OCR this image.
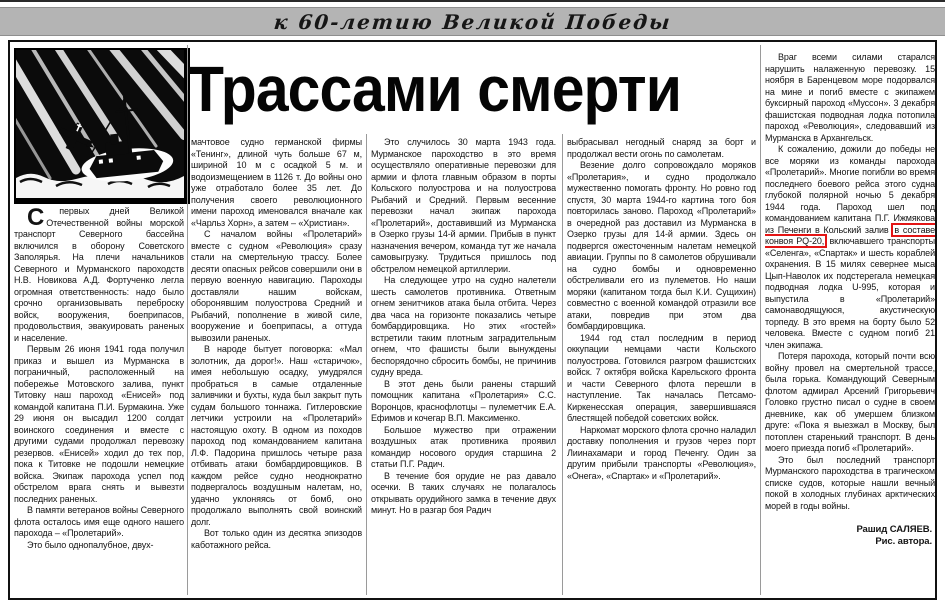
к 60-летию Великой Победы
Трассами смерти

С первых дней Великой Отечественной войны морской транспорт Северного бассейна включился в оборону Советского Заполярья. На плечи начальников Северного и Мурманского пароходств Н.В. Новикова А.Д. Фортученко легла огромная ответственность: надо было срочно организовывать переброску войск, вооружения, боеприпасов, продовольствия, эвакуировать раненых и население.

Первым 26 июня 1941 года получил приказ и вышел из Мурманска в пограничный, расположенный на побережье Мотовского залива, пункт Титовку наш пароход «Енисей» под командой капитана П.И. Бурмакина. Уже 29 июня он высадил 1200 солдат воинского соединения и вместе с другими судами продолжал перевозку резервов. «Енисей» ходил до тех пор, пока к Титовке не подошли немецкие войска. Экипаж парохода успел под обстрелом врага снять и вывезти последних раненых.

В памяти ветеранов войны Северного флота осталось имя еще одного нашего парохода – «Пролетарий».

Это было однопалубное, двух-

мачтовое судно германской фирмы «Тенинг», длиной чуть больше 67 м, шириной 10 м с осадкой 5 м. и водоизмещением в 1126 т. До войны оно уже отработало более 35 лет. До получения своего революционного имени пароход именовался вначале как «Чарльз Хорн», а затем – «Христиан».

С началом войны «Пролетарий» вместе с судном «Революция» сразу стали на смертельную трассу. Более десяти опасных рейсов совершили они в первую военную навигацию. Пароходы доставляли нашим войскам, оборонявшим полуострова Средний и Рыбачий, пополнение в живой силе, вооружение и боеприпасы, а оттуда вывозили раненых.

В народе бытует поговорка: «Мал золотник, да дорог!». Наш «старичок», имея небольшую осадку, умудрялся пробраться в самые отдаленные заливчики и бухты, куда был закрыт путь судам большого тоннажа. Гитлеровские летчики устроили на «Пролетарий» настоящую охоту. В одном из походов пароход под командованием капитана Л.Ф. Падорина пришлось четыре раза отбивать атаки бомбардировщиков. В каждом рейсе судно неоднократно подвергалось воздушным налетам, но, удачно уклоняясь от бомб, оно продолжало выполнять свой воинский долг.

Вот только один из десятка эпизодов каботажного рейса.

Это случилось 30 марта 1943 года. Мурманское пароходство в это время осуществляло оперативные перевозки для армии и флота главным образом в порты Кольского полуострова и на полуострова Рыбачий и Средний. Первым весенние перевозки начал экипаж парохода «Пролетарий», доставивший из Мурманска в Озерко грузы 14-й армии. Прибыв в пункт назначения вечером, команда тут же начала самовыгрузку. Трудиться пришлось под обстрелом немецкой артиллерии.

На следующее утро на судно налетели шесть самолетов противника. Ответным огнем зенитчиков атака была отбита. Через два часа на горизонте показались четыре бомбардировщика. Но этих «гостей» встретили таким плотным заградительным огнем, что фашисты были вынуждены беспорядочно сбросить бомбы, не причинив судну вреда.

В этот день были ранены старший помощник капитана «Пролетария» С.С. Воронцов, краснофлотцы – пулеметчик Е.А. Ефимов и кочегар В.П. Максименко.

Большое мужество при отражении воздушных атак противника проявил командир носового орудия старшина 2 статьи П.Г. Радич.

В течение боя орудие не раз давало осечки. В таких случаях не полагалось открывать орудийного замка в течение двух минут. Но в разгар боя Радич

выбрасывал негодный снаряд за борт и продолжал вести огонь по самолетам.

Везение долго сопровождало моряков «Пролетария», и судно продолжало мужественно помогать фронту. Но ровно год спустя, 30 марта 1944-го картина того боя повторилась заново. Пароход «Пролетарий» в очередной раз доставил из Мурманска в Озерко грузы для 14-й армии. Здесь он подвергся ожесточенным налетам немецкой авиации. Группы по 8 самолетов обрушивали на судно бомбы и одновременно обстреливали его из пулеметов. Но наши моряки (капитаном тогда был К.И. Сущихин) совместно с военной командой отразили все атаки, повредив при этом два бомбардировщика.

1944 год стал последним в период оккупации немцами части Кольского полуострова. Готовился разгром фашистских войск. 7 октября войска Карельского фронта и части Северного флота перешли в наступление. Так началась Петсамо-Киркенесская операция, завершившаяся блестящей победой советских войск.

Наркомат морского флота срочно наладил доставку пополнения и грузов через порт Лиинахамари и город Печенгу. Один за другим прибыли транспорты «Революция», «Онега», «Спартак» и «Пролетарий».

Враг всеми силами старался нарушить налаженную перевозку. 15 ноября в Баренцевом море подорвался на мине и погиб вместе с экипажем буксирный пароход «Муссон». 3 декабря фашистская подводная лодка потопила пароход «Революция», следовавший из Мурманска в Архангельск.

К сожалению, дожили до победы не все моряки из команды парохода «Пролетарий». Многие погибли во время последнего боевого рейса этого судна глубокой полярной ночью 5 декабря 1944 года. Пароход шел под командованием капитана П.Г. Ижмякова из Печенги в Кольский залив в составе конвоя PQ-20, включавшего транспорты «Селенга», «Спартак» и шесть кораблей охранения. В 15 милях севернее мыса Цып-Наволок их подстерегала немецкая подводная лодка U-995, которая и выпустила в «Пролетарий» самонаводящуюся, акустическую торпеду. В это время на борту было 52 человека. Вместе с судном погиб 21 член экипажа.

Потеря парохода, который почти всю войну провел на смертельной трассе, была горька. Командующий Северным флотом адмирал Арсений Григорьевич Головко грустно писал о судне в своем дневнике, как об умершем близком друге: «Пока я выезжал в Москву, был потоплен старенький транспорт. В день моего приезда погиб «Пролетарий».

Это был последний транспорт Мурманского пароходства в трагическом списке судов, которые нашли вечный покой в холодных глубинах арктических морей в годы войны.

Рашид САЛЯЕВ.
Рис. автора.
